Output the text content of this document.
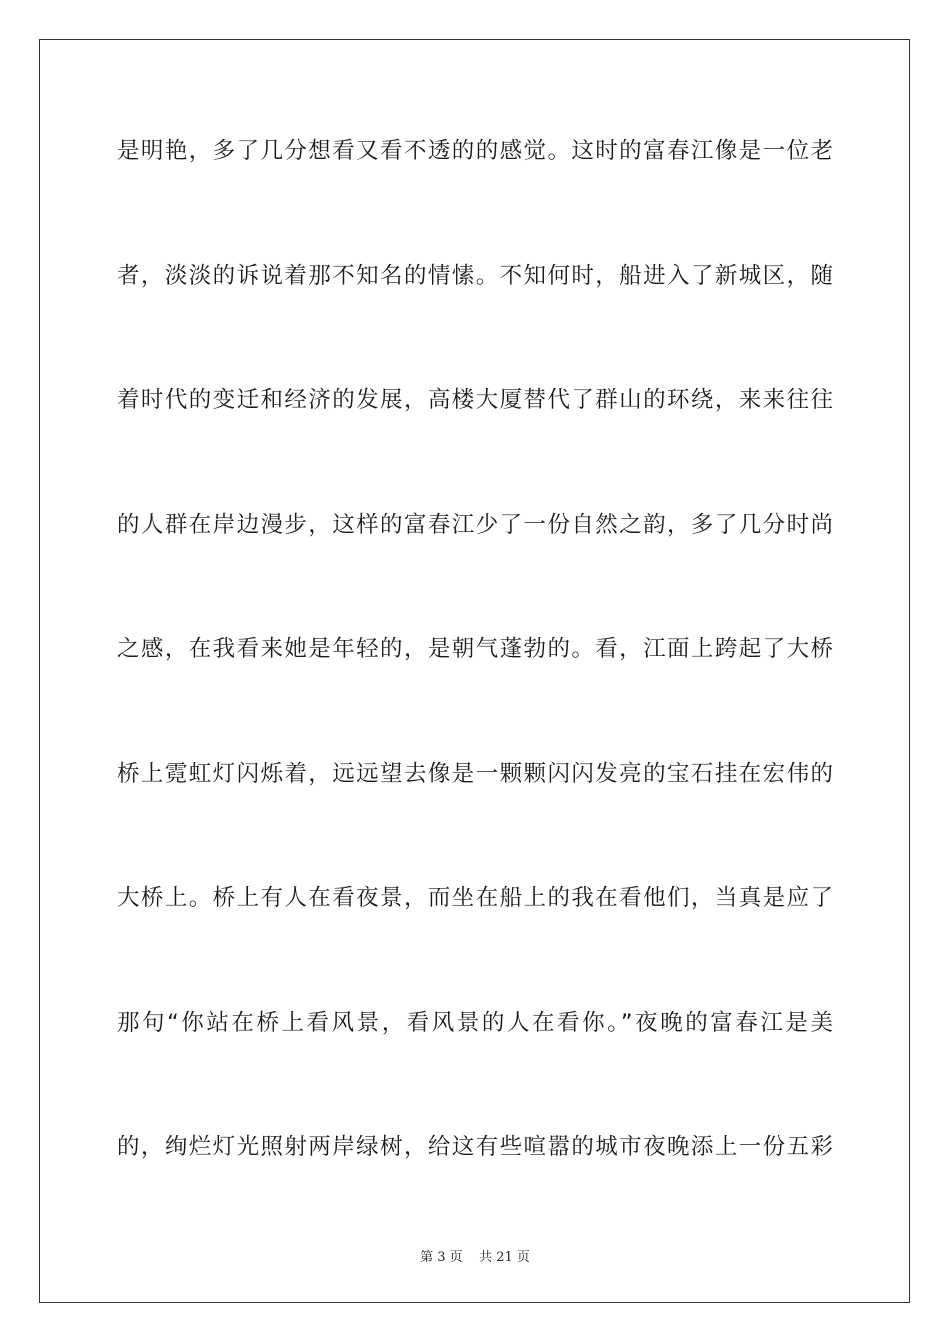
是明艳，多了几分想看又看不透的的感觉。这时的富春江像是一位老
者，淡淡的诉说着那不知名的情愫。不知何时，船进入了新城区，随
着时代的变迁和经济的发展，高楼大厦替代了群山的环绕，来来往往
的人群在岸边漫步，这样的富春江少了一份自然之韵，多了几分时尚
之感，在我看来她是年轻的，是朝气蓬勃的。看，江面上跨起了大桥
桥上霓虹灯闪烁着，远远望去像是一颗颗闪闪发亮的宝石挂在宏伟的
大桥上。桥上有人在看夜景，而坐在船上的我在看他们，当真是应了
那句“你站在桥上看风景，看风景的人在看你。”夜晚的富春江是美
的，绚烂灯光照射两岸绿树，给这有些喧嚣的城市夜晚添上一份五彩
第 3 页    共 21 页
